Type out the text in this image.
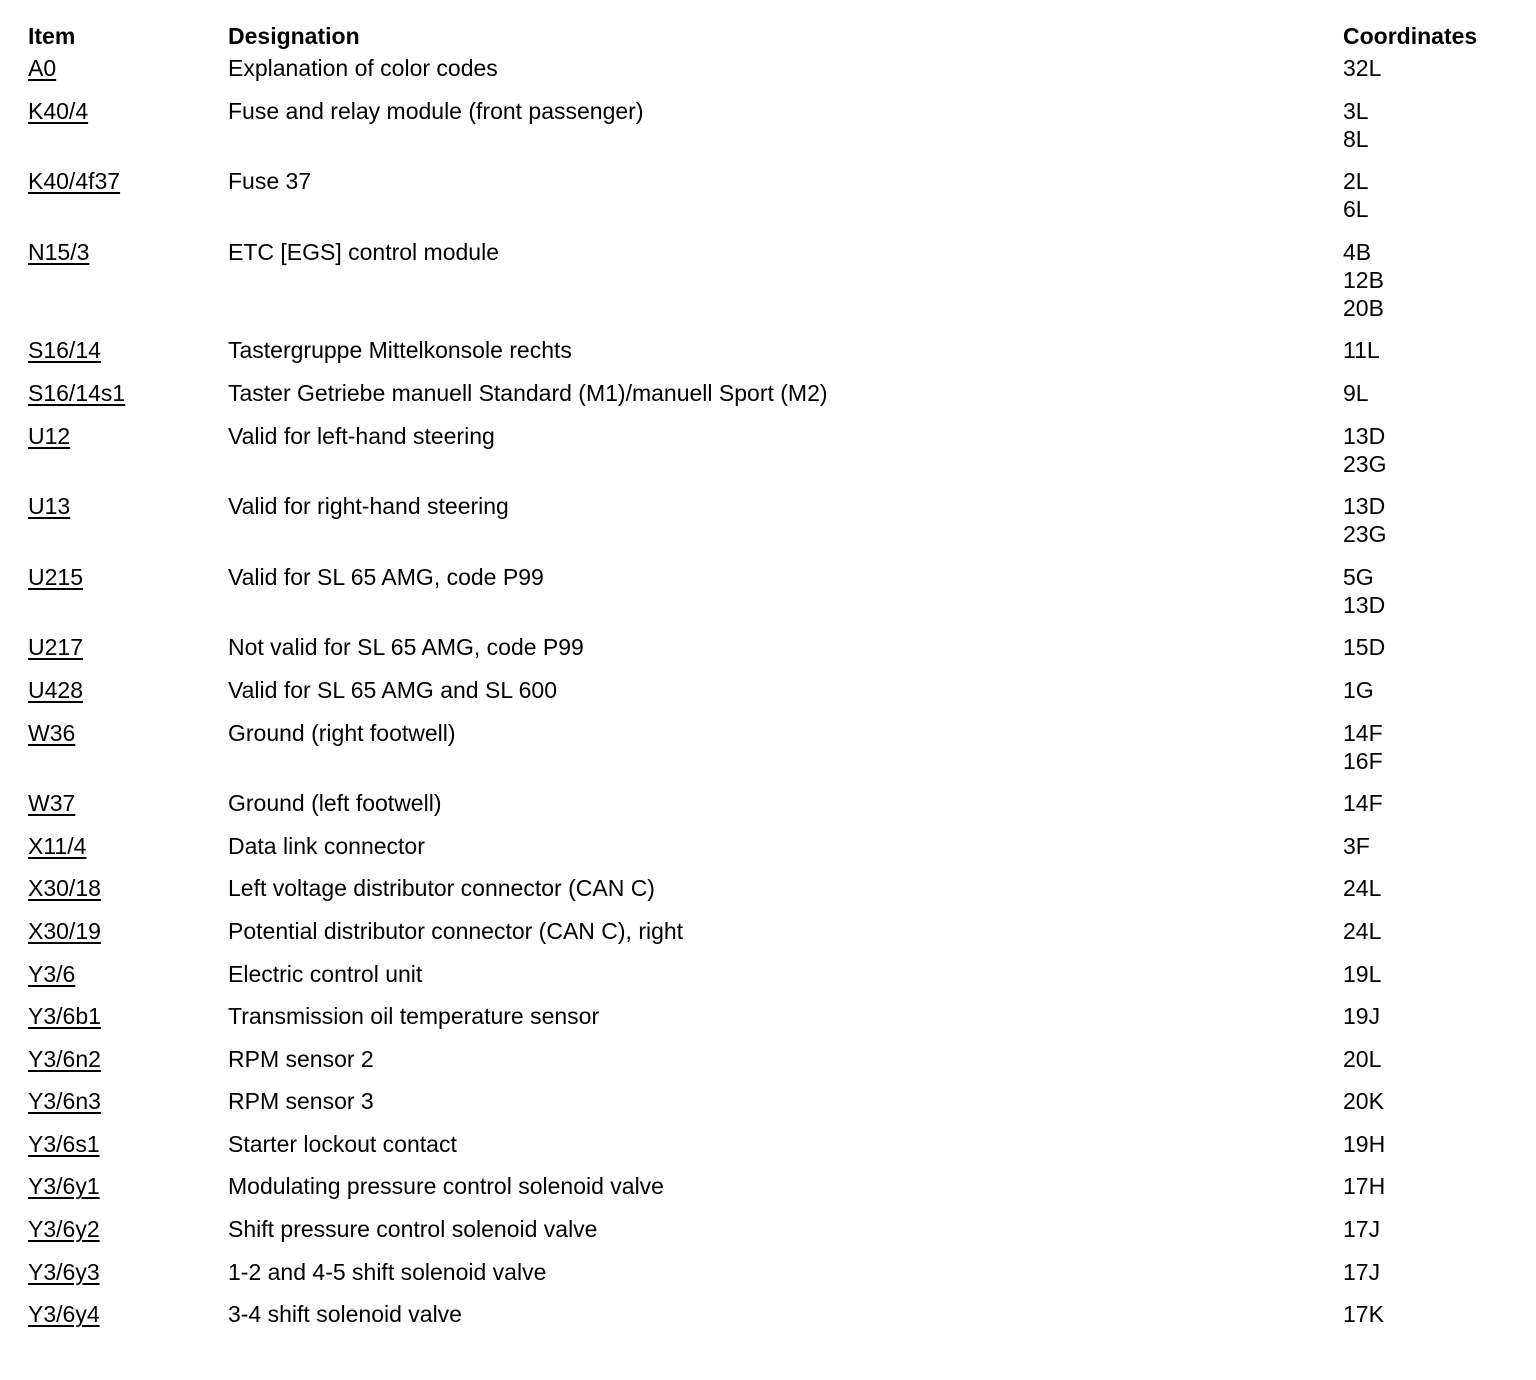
Item	Designation	Coordinates
A0	Explanation of color codes	32L
K40/4	Fuse and relay module (front passenger)	3L
8L
K40/4f37	Fuse 37	2L
6L
N15/3	ETC [EGS] control module	4B
12B
20B
S16/14	Tastergruppe Mittelkonsole rechts	11L
S16/14s1	Taster Getriebe manuell Standard (M1)/manuell Sport (M2)	9L
U12	Valid for left-hand steering	13D
23G
U13	Valid for right-hand steering	13D
23G
U215	Valid for SL 65 AMG, code P99	5G
13D
U217	Not valid for SL 65 AMG, code P99	15D
U428	Valid for SL 65 AMG and SL 600	1G
W36	Ground (right footwell)	14F
16F
W37	Ground (left footwell)	14F
X11/4	Data link connector	3F
X30/18	Left voltage distributor connector (CAN C)	24L
X30/19	Potential distributor connector (CAN C), right	24L
Y3/6	Electric control unit	19L
Y3/6b1	Transmission oil temperature sensor	19J
Y3/6n2	RPM sensor 2	20L
Y3/6n3	RPM sensor 3	20K
Y3/6s1	Starter lockout contact	19H
Y3/6y1	Modulating pressure control solenoid valve	17H
Y3/6y2	Shift pressure control solenoid valve	17J
Y3/6y3	1-2 and 4-5 shift solenoid valve	17J
Y3/6y4	3-4 shift solenoid valve	17K
